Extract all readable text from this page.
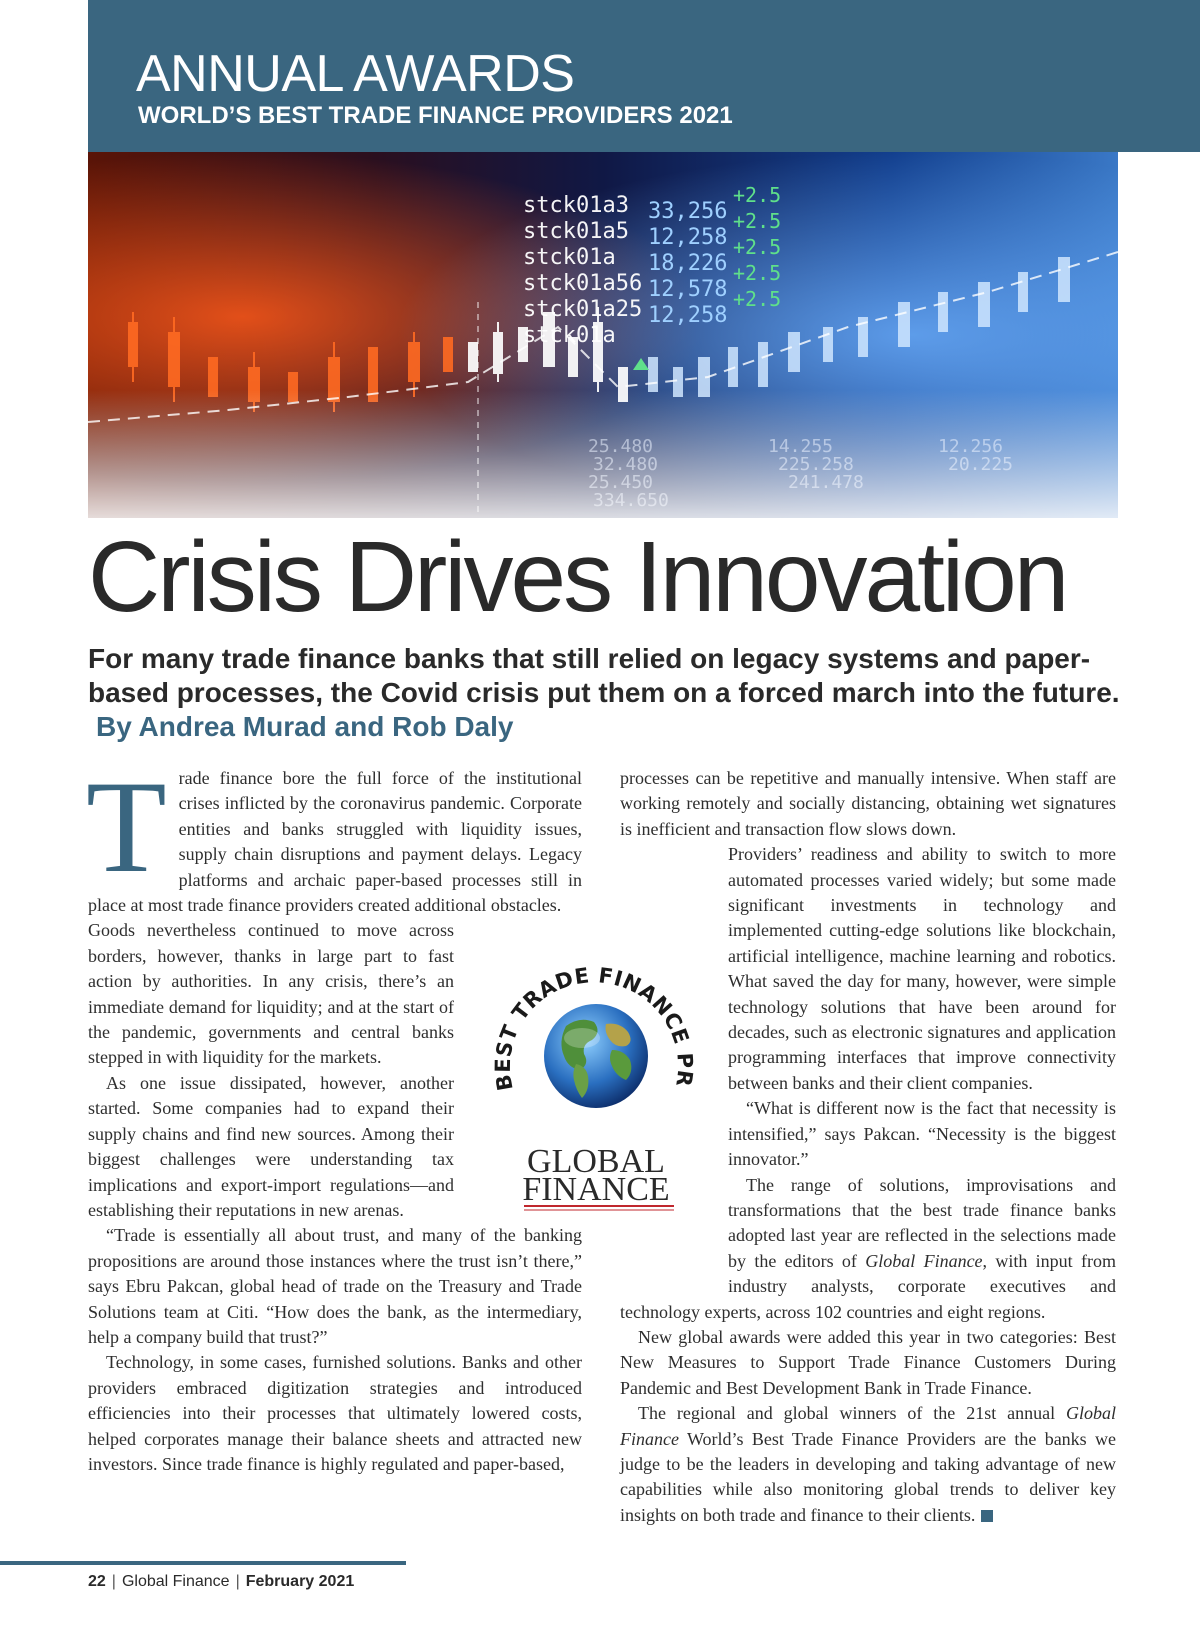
ANNUAL AWARDS
WORLD’S BEST TRADE FINANCE PROVIDERS 2021
Crisis Drives Innovation

For many trade finance banks that still relied on legacy systems and paper-based processes, the Covid crisis put them on a forced march into the future. By Andrea Murad and Rob Daly

T rade finance bore the full force of the institutional crises inflicted by the coronavirus pandemic. Corporate entities and banks struggled with liquidity issues, supply chain disruptions and payment delays. Legacy platforms and archaic paper-based processes still in place at most trade finance providers created additional obstacles.

Goods nevertheless continued to move across borders, however, thanks in large part to fast action by authorities. In any crisis, there’s an immediate demand for liquidity; and at the start of the pandemic, governments and central banks stepped in with liquidity for the markets.

As one issue dissipated, however, another started. Some companies had to expand their supply chains and find new sources. Among their biggest challenges were understanding tax implications and export-import regulations—and establishing their reputations in new arenas.

“Trade is essentially all about trust, and many of the banking propositions are around those instances where the trust isn’t there,” says Ebru Pakcan, global head of trade on the Treasury and Trade Solutions team at Citi. “How does the bank, as the intermediary, help a company build that trust?”

Technology, in some cases, furnished solutions. Banks and other providers embraced digitization strategies and introduced efficiencies into their processes that ultimately lowered costs, helped corporates manage their balance sheets and attracted new investors. Since trade finance is highly regulated and paper-based,

processes can be repetitive and manually intensive. When staff are working remotely and socially distancing, obtaining wet signatures is inefficient and transaction flow slows down.

Providers’ readiness and ability to switch to more automated processes varied widely; but some made significant investments in technology and implemented cutting-edge solutions like blockchain, artificial intelligence, machine learning and robotics. What saved the day for many, however, were simple technology solutions that have been around for decades, such as electronic signatures and application programming interfaces that improve connectivity between banks and their client companies.

“What is different now is the fact that necessity is intensified,” says Pakcan. “Necessity is the biggest innovator.”

The range of solutions, improvisations and transformations that the best trade finance banks adopted last year are reflected in the selections made by the editors of Global Finance, with input from industry analysts, corporate executives and technology experts, across 102 countries and eight regions.

New global awards were added this year in two categories: Best New Measures to Support Trade Finance Customers During Pandemic and Best Development Bank in Trade Finance.

The regional and global winners of the 21st annual Global Finance World’s Best Trade Finance Providers are the banks we judge to be the leaders in developing and taking advantage of new capabilities while also monitoring global trends to deliver key insights on both trade and finance to their clients.

BEST TRADE FINANCE PR
GLOBAL
FINANCE
22 | Global Finance | February 2021
